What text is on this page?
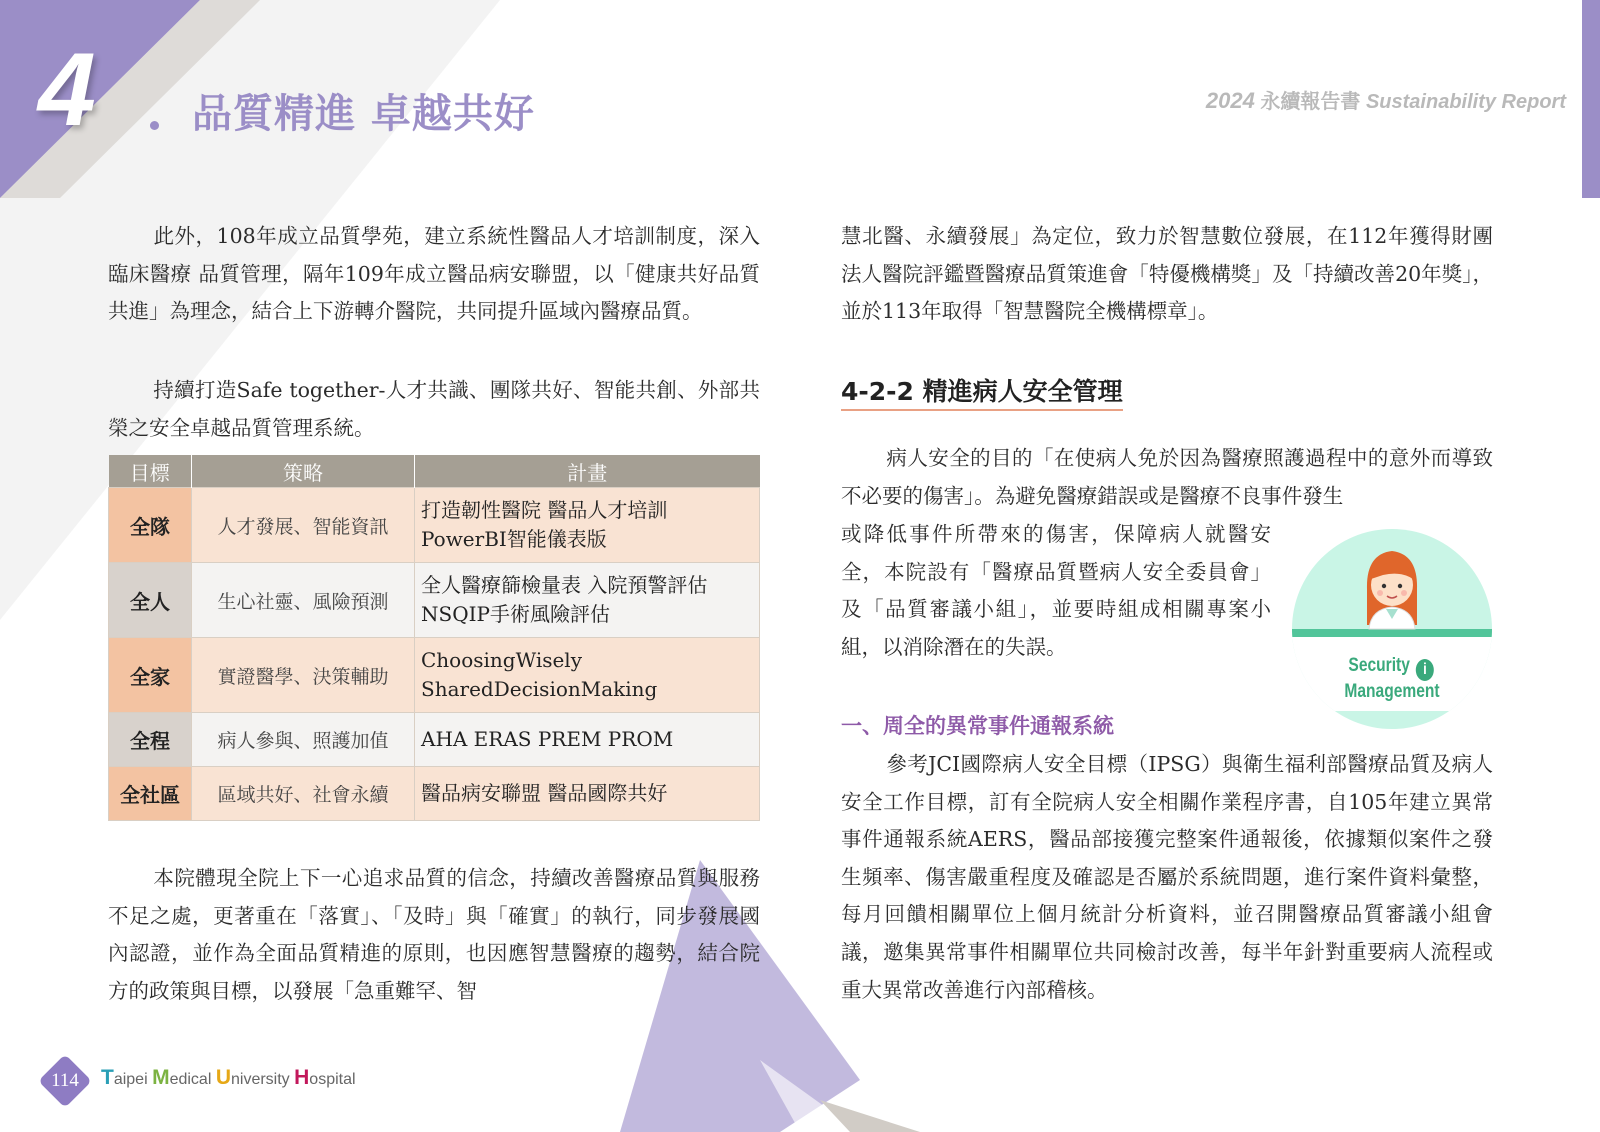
4 品質精進 卓越共好	2024 永續報告書 Sustainability Report

此外，108年成立品質學苑，建立系統性醫品人才培訓制度，深入臨床醫療 品質管理，隔年109年成立醫品病安聯盟，以「健康共好品質共進」為理念，結合上下游轉介醫院，共同提升區域內醫療品質。

持續打造Safe together-人才共識、團隊共好、智能共創、外部共榮之安全卓越品質管理系統。

目標	策略	計畫
全隊	人才發展、智能資訊	打造韌性醫院 醫品人才培訓
PowerBI智能儀表版
全人	生心社靈、風險預測	全人醫療篩檢量表 入院預警評估
NSQIP手術風險評估
全家	實證醫學、決策輔助	ChoosingWisely
SharedDecisionMaking
全程	病人參與、照護加值	AHA ERAS PREM PROM
全社區	區域共好、社會永續	醫品病安聯盟 醫品國際共好

本院體現全院上下一心追求品質的信念，持續改善醫療品質與服務不足之處，更著重在「落實」、「及時」與「確實」的執行，同步發展國內認證，並作為全面品質精進的原則，也因應智慧醫療的趨勢，結合院方的政策與目標，以發展「急重難罕、智

慧北醫、永續發展」為定位，致力於智慧數位發展，在112年獲得財團法人醫院評鑑暨醫療品質策進會「特優機構獎」及「持續改善20年獎」，並於113年取得「智慧醫院全機構標章」。

4-2-2 精進病人安全管理

病人安全的目的「在使病人免於因為醫療照護過程中的意外而導致不必要的傷害」。為避免醫療錯誤或是醫療不良事件發生

或降低事件所帶來的傷害，保障病人就醫安全，本院設有「醫療品質暨病人安全委員會」及「品質審議小組」，並要時組成相關專案小組，以消除潛在的失誤。

Security i Management
一、周全的異常事件通報系統

參考JCI國際病人安全目標（IPSG）與衛生福利部醫療品質及病人安全工作目標，訂有全院病人安全相關作業程序書，自105年建立異常事件通報系統AERS，醫品部接獲完整案件通報後，依據類似案件之發生頻率、傷害嚴重程度及確認是否屬於系統問題，進行案件資料彙整，每月回饋相關單位上個月統計分析資料，並召開醫療品質審議小組會議，邀集異常事件相關單位共同檢討改善，每半年針對重要病人流程或重大異常改善進行內部稽核。

114	Taipei Medical University Hospital
